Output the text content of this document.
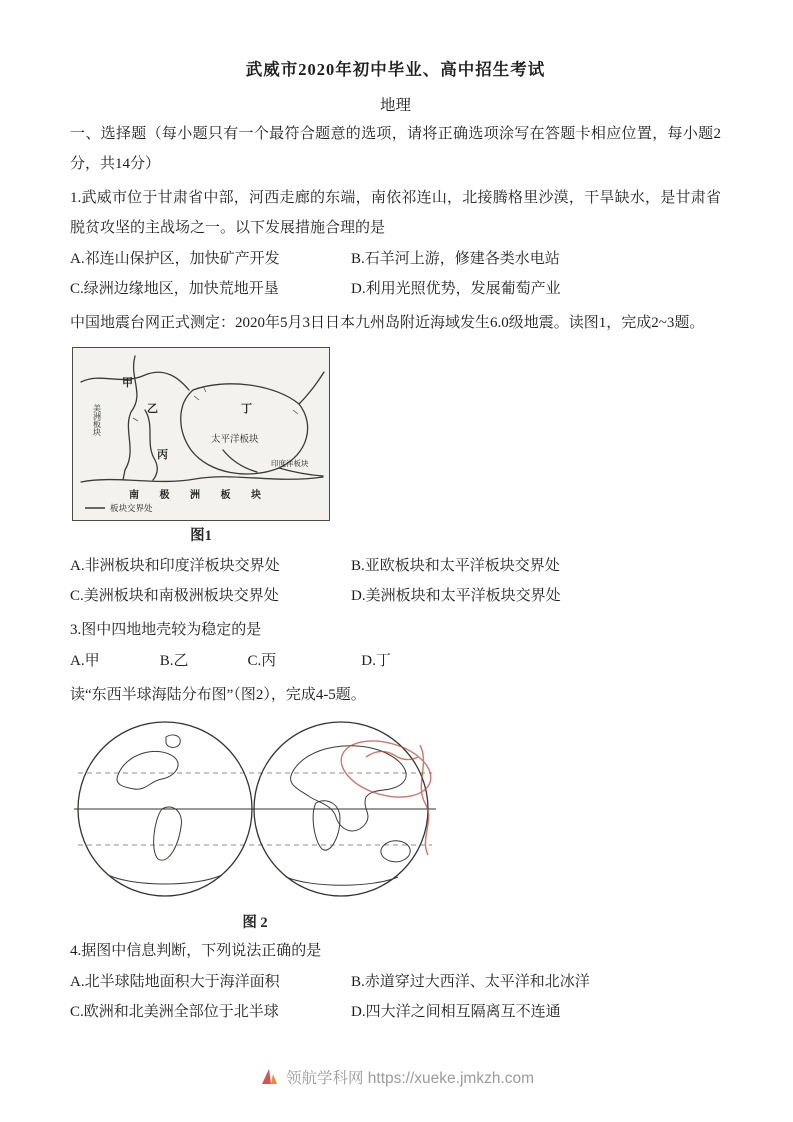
武威市2020年初中毕业、高中招生考试
地理

一、选择题（每小题只有一个最符合题意的选项，请将正确选项涂写在答题卡相应位置，每小题2分，共14分）

1.武威市位于甘肃省中部，河西走廊的东端，南依祁连山，北接腾格里沙漠，干旱缺水，是甘肃省脱贫攻坚的主战场之一。以下发展措施合理的是

A.祁连山保护区，加快矿产开发	B.石羊河上游，修建各类水电站
C.绿洲边缘地区，加快荒地开垦	D.利用光照优势，发展葡萄产业

中国地震台网正式测定：2020年5月3日日本九州岛附近海域发生6.0级地震。读图1，完成2~3题。

甲
乙
丙
丁
太平洋板块
美洲板块
印度洋板块
南 极 洲 板 块
板块交界处
图1
A.非洲板块和印度洋板块交界处	B.亚欧板块和太平洋板块交界处
C.美洲板块和南极洲板块交界处	D.美洲板块和太平洋板块交界处

3.图中四地地壳较为稳定的是

A.甲	B.乙	C.丙	D.丁

读“东西半球海陆分布图”（图2），完成4-5题。

图 2

4.据图中信息判断，下列说法正确的是

A.北半球陆地面积大于海洋面积	B.赤道穿过大西洋、太平洋和北冰洋
C.欧洲和北美洲全部位于北半球	D.四大洋之间相互隔离互不连通
领航学科网 https://xueke.jmkzh.com
